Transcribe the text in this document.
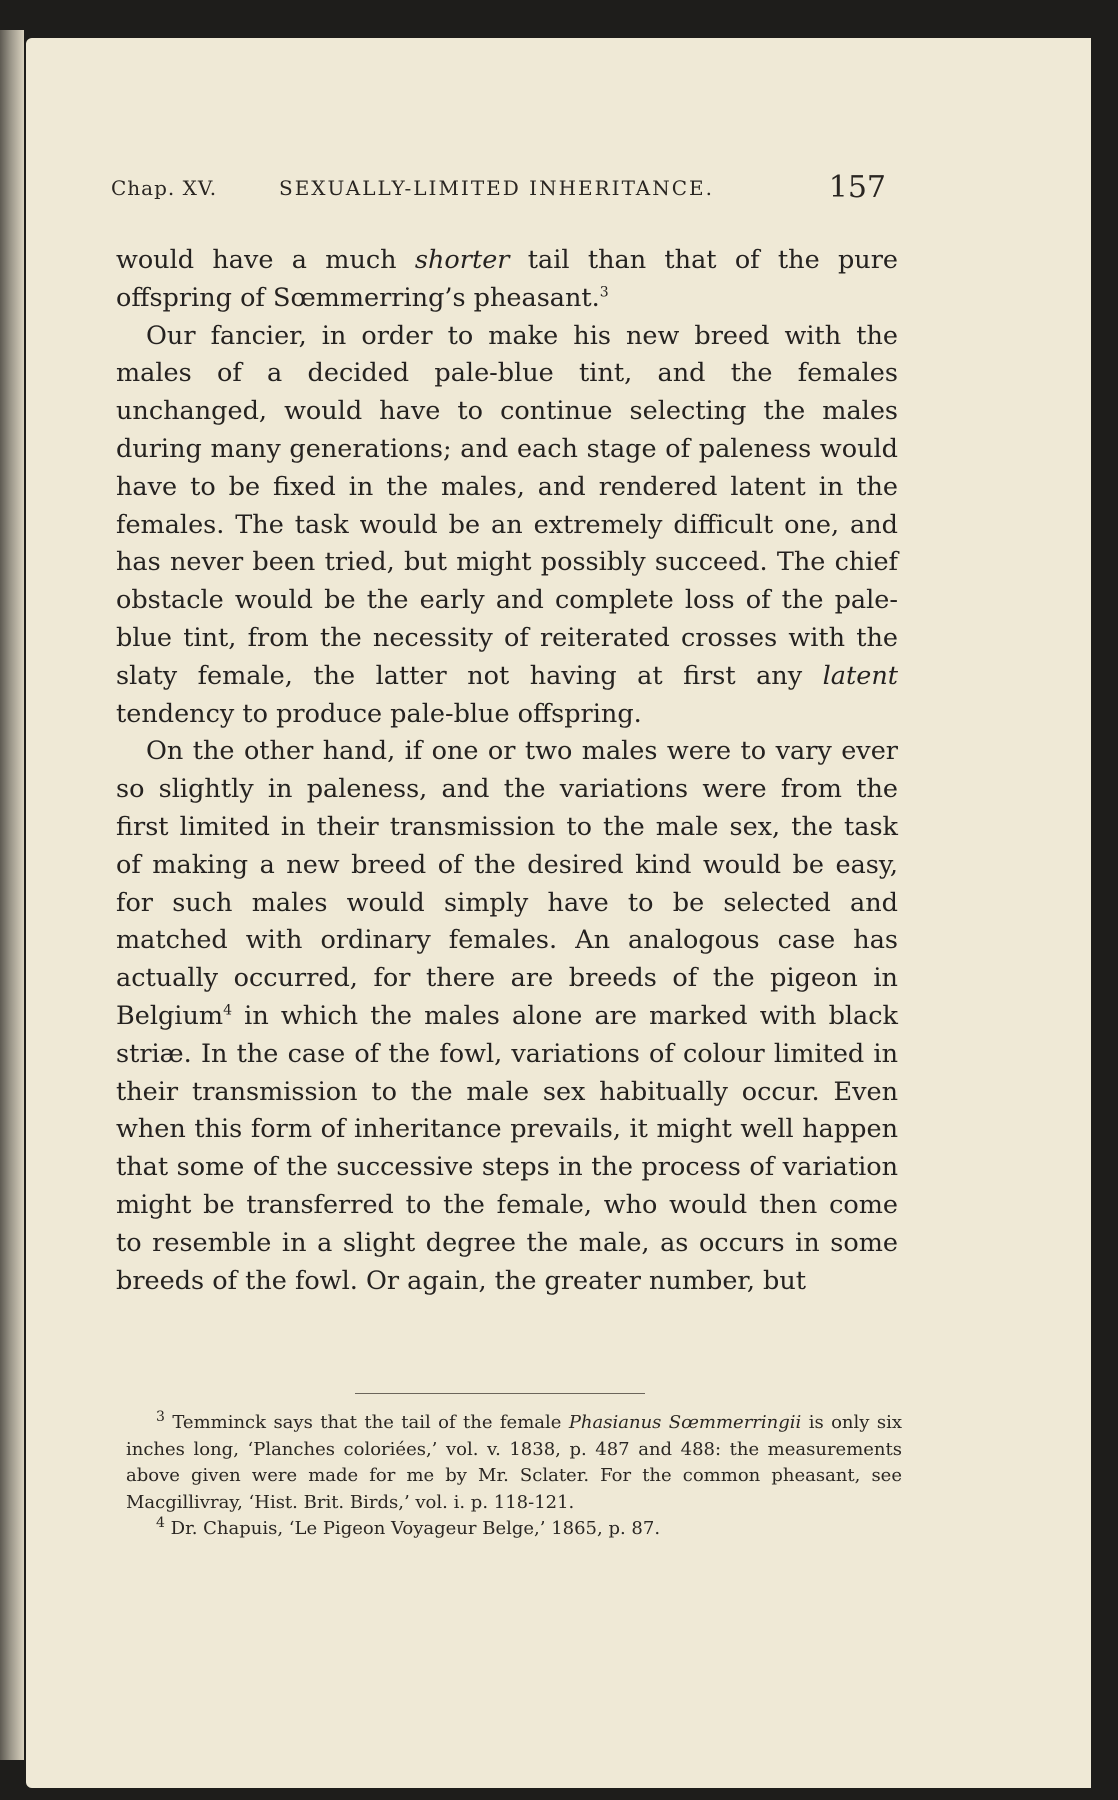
Chap. XV.	SEXUALLY-LIMITED INHERITANCE.	157

would have a much shorter tail than that of the pure offspring of Sœmmerring’s pheasant.$^3$

Our fancier, in order to make his new breed with the males of a decided pale-blue tint, and the females unchanged, would have to continue selecting the males during many generations; and each stage of paleness would have to be fixed in the males, and rendered latent in the females. The task would be an extremely difficult one, and has never been tried, but might possibly succeed. The chief obstacle would be the early and complete loss of the pale-blue tint, from the necessity of reiterated crosses with the slaty female, the latter not having at first any latent tendency to produce pale-blue offspring.

On the other hand, if one or two males were to vary ever so slightly in paleness, and the variations were from the first limited in their transmission to the male sex, the task of making a new breed of the desired kind would be easy, for such males would simply have to be selected and matched with ordinary females. An analogous case has actually occurred, for there are breeds of the pigeon in Belgium$^4$ in which the males alone are marked with black striæ. In the case of the fowl, variations of colour limited in their transmission to the male sex habitually occur. Even when this form of inheritance prevails, it might well happen that some of the successive steps in the process of variation might be transferred to the female, who would then come to resemble in a slight degree the male, as occurs in some breeds of the fowl. Or again, the greater number, but

$^3$ Temminck says that the tail of the female Phasianus Sœmmerringii is only six inches long, ‘Planches coloriées,’ vol. v. 1838, p. 487 and 488: the measurements above given were made for me by Mr. Sclater. For the common pheasant, see Macgillivray, ‘Hist. Brit. Birds,’ vol. i. p. 118-121.

$^4$ Dr. Chapuis, ‘Le Pigeon Voyageur Belge,’ 1865, p. 87.
